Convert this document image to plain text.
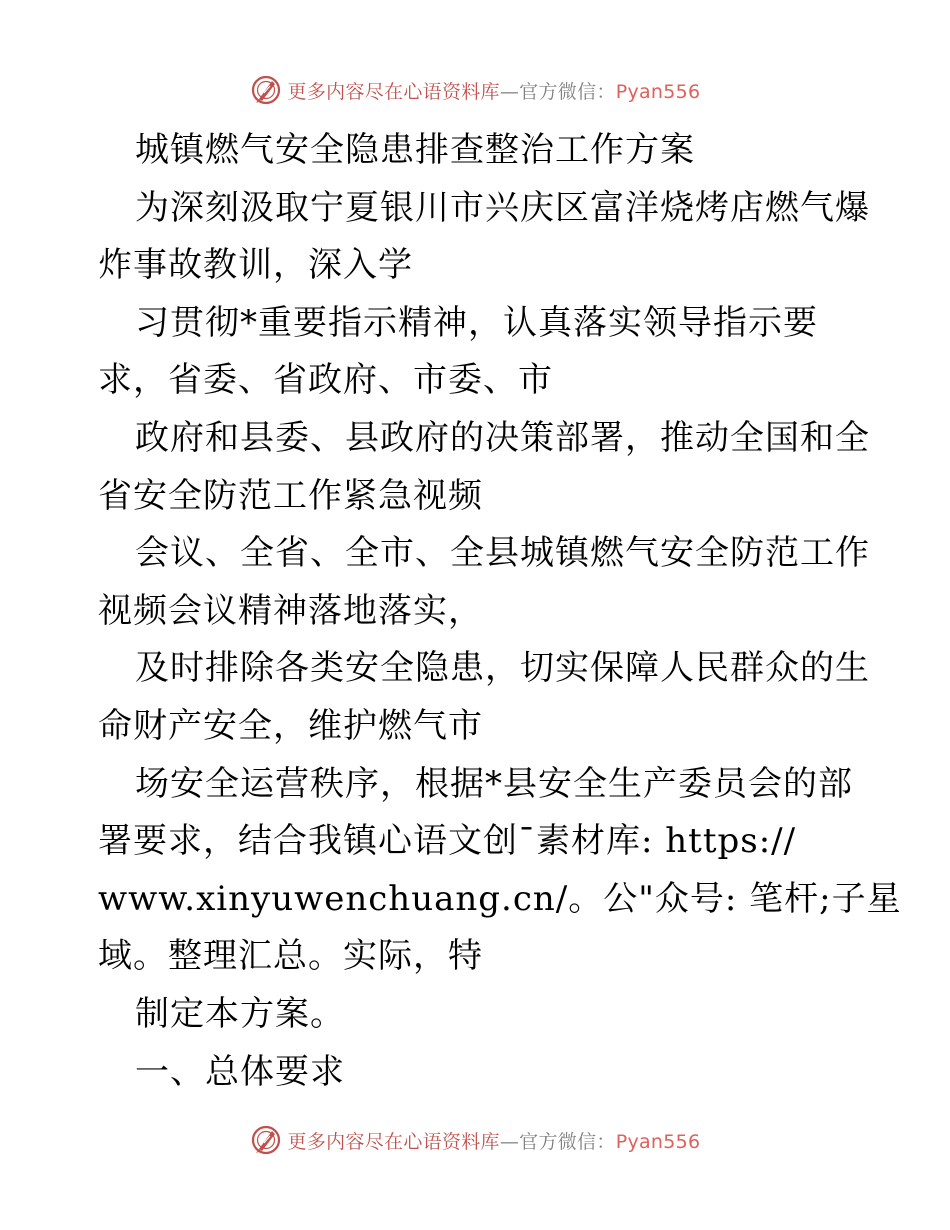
更多内容尽在心语资料库—官方微信：Pyan556
城镇燃气安全隐患排查整治工作方案
为深刻汲取宁夏银川市兴庆区富洋烧烤店燃气爆
炸事故教训，深入学
习贯彻*重要指示精神，认真落实领导指示要
求，省委、省政府、市委、市
政府和县委、县政府的决策部署，推动全国和全
省安全防范工作紧急视频
会议、全省、全市、全县城镇燃气安全防范工作
视频会议精神落地落实，
及时排除各类安全隐患，切实保障人民群众的生
命财产安全，维护燃气市
场安全运营秩序，根据*县安全生产委员会的部
署要求，结合我镇心语文创¯素材库: https://
www.xinyuwenchuang.cn/。公"众号: 笔杆;子星
域。整理汇总。实际，特
制定本方案。
一、总体要求
更多内容尽在心语资料库—官方微信：Pyan556
